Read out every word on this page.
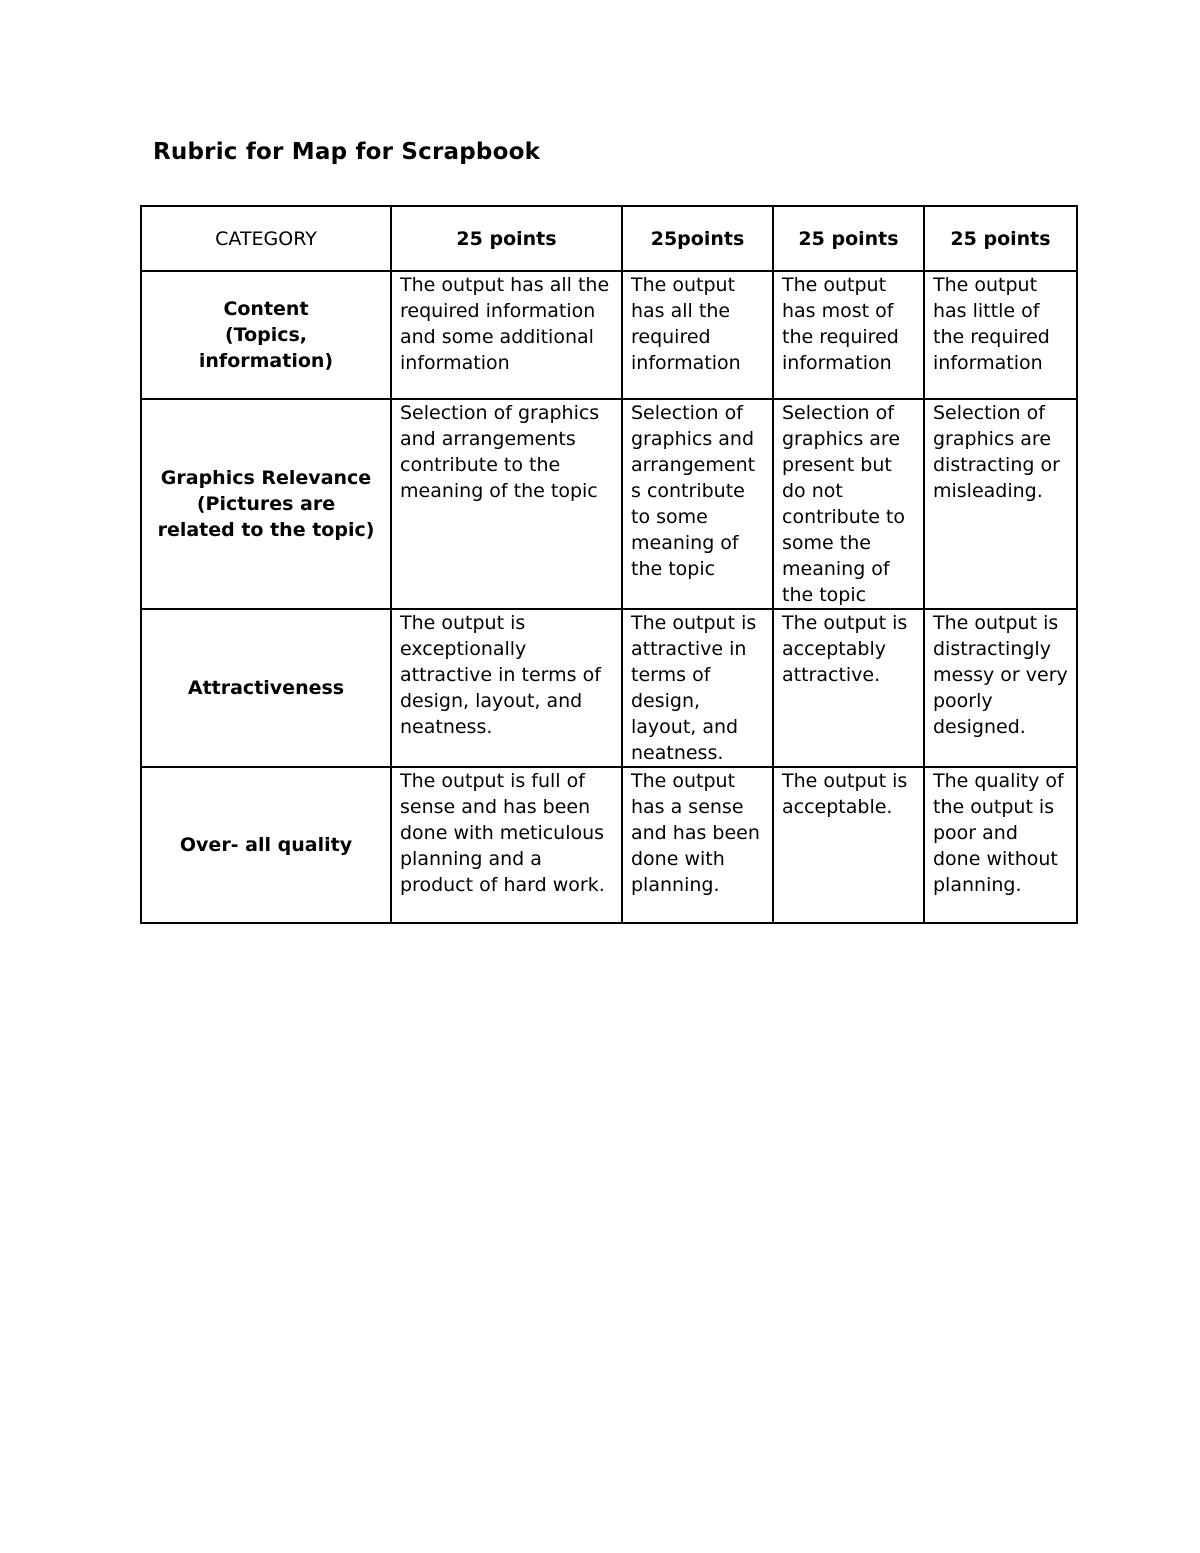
Rubric for Map for Scrapbook
CATEGORY	25 points	25points	25 points	25 points

Content
(Topics,
information)	The output has all the required information and some additional information	The output has all the required information	The output has most of the required information	The output has little of the required information

Graphics Relevance
(Pictures are
related to the topic)	Selection of graphics and arrangements contribute to the meaning of the topic	Selection of graphics and arrangement s contribute to some meaning of the topic	Selection of graphics are present but do not contribute to some the meaning of the topic	Selection of graphics are distracting or misleading.

Attractiveness	The output is exceptionally attractive in terms of design, layout, and neatness.	The output is attractive in terms of design, layout, and neatness.	The output is acceptably attractive.	The output is distractingly messy or very poorly designed.

Over- all quality	The output is full of sense and has been done with meticulous planning and a product of hard work.	The output has a sense and has been done with planning.	The output is acceptable.	The quality of the output is poor and done without planning.
